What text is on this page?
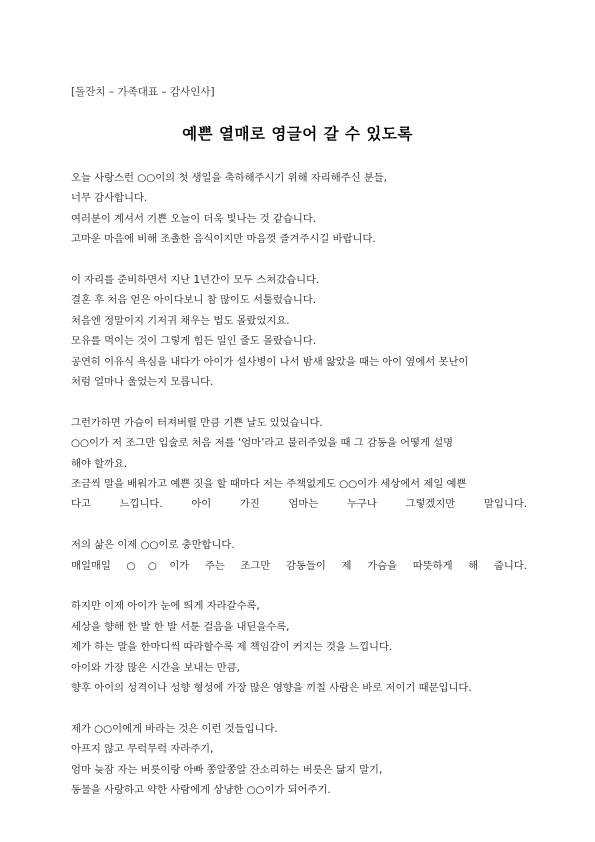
[돌잔치 – 가족대표 – 감사인사]
예쁜 열매로 영글어 갈 수 있도록

오늘 사랑스런 ○○이의 첫 생일을 축하해주시기 위해 자리해주신 분들,
너무 감사합니다.
여러분이 계셔서 기쁜 오늘이 더욱 빛나는 것 같습니다.
고마운 마음에 비해 조촐한 음식이지만 마음껏 즐겨주시길 바랍니다.

이 자리를 준비하면서 지난 1년간이 모두 스쳐갔습니다.
결혼 후 처음 얻은 아이다보니 참 많이도 서툴렀습니다.
처음엔 정말이지 기저귀 채우는 법도 몰랐었지요.
모유를 먹이는 것이 그렇게 힘든 일인 줄도 몰랐습니다.
공연히 이유식 욕심을 내다가 아이가 설사병이 나서 밤새 앓았을 때는 아이 옆에서 못난이
처럼 얼마나 울었는지 모릅니다.

그런가하면 가슴이 터져버릴 만큼 기쁜 날도 있었습니다.
○○이가 저 조그만 입술로 처음 저를 ‘엄마’라고 불러주었을 때 그 감동을 어떻게 설명
해야 할까요.
조금씩 말을 배워가고 예쁜 짓을 할 때마다 저는 주책없게도 ○○이가 세상에서 제일 예쁜
다고 느낍니다. 아이 가진 엄마는 누구나 그렇겠지만 말입니다.

저의 삶은 이제 ○○이로 충만합니다.
매일매일 ○○이가 주는 조그만 감동들이 제 가슴을 따뜻하게 해 줍니다.

하지만 이제 아이가 눈에 띄게 자라갈수록,
세상을 향해 한 발 한 발 서툰 걸음을 내딛을수록,
제가 하는 말을 한마디씩 따라할수록 제 책임감이 커지는 것을 느낍니다.
아이와 가장 많은 시간을 보내는 만큼,
향후 아이의 성격이나 성향 형성에 가장 많은 영향을 끼칠 사람은 바로 저이기 때문입니다.

제가 ○○이에게 바라는 것은 이런 것들입니다.
아프지 않고 무럭무럭 자라주기,
엄마 늦잠 자는 버릇이랑 아빠 쫑알쫑알 잔소리하는 버릇은 닮지 말기,
동물을 사랑하고 약한 사람에게 상냥한 ○○이가 되어주기.
